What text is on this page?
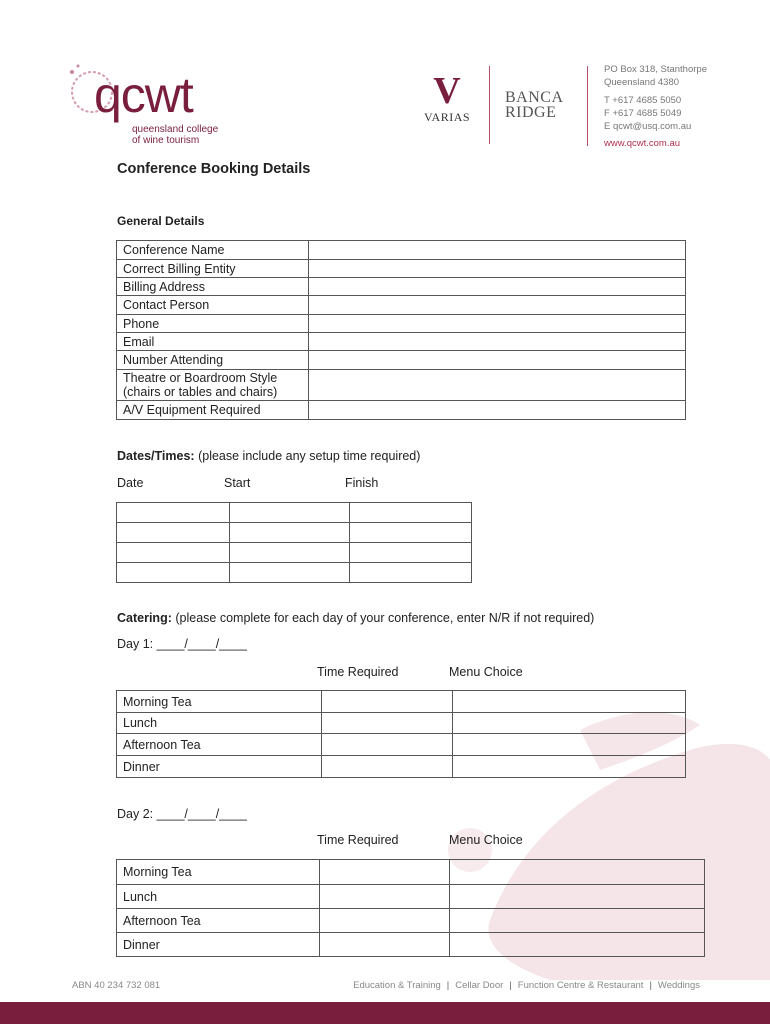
qcwt
queensland college
of wine tourism
V
VARIAS
BANCA
RIDGE
PO Box 318, Stanthorpe
Queensland 4380
T +617 4685 5050
F +617 4685 5049
E qcwt@usq.com.au
www.qcwt.com.au
Conference Booking Details
General Details
Conference Name	
Correct Billing Entity	
Billing Address	
Contact Person	
Phone	
Email	
Number Attending	

Theatre or Boardroom Style
(chairs or tables and chairs)	

A/V Equipment Required	
Dates/Times: (please include any setup time required)
Date	Start	Finish

Catering: (please complete for each day of your conference, enter N/R if not required)
Day 1: ____/____/____
Time Required	Menu Choice
Morning Tea		
Lunch		
Afternoon Tea		
Dinner		
Day 2: ____/____/____
Time Required	Menu Choice
Morning Tea		
Lunch		
Afternoon Tea		
Dinner		
ABN 40 234 732 081	Education & Training | Cellar Door | Function Centre & Restaurant | Weddings
